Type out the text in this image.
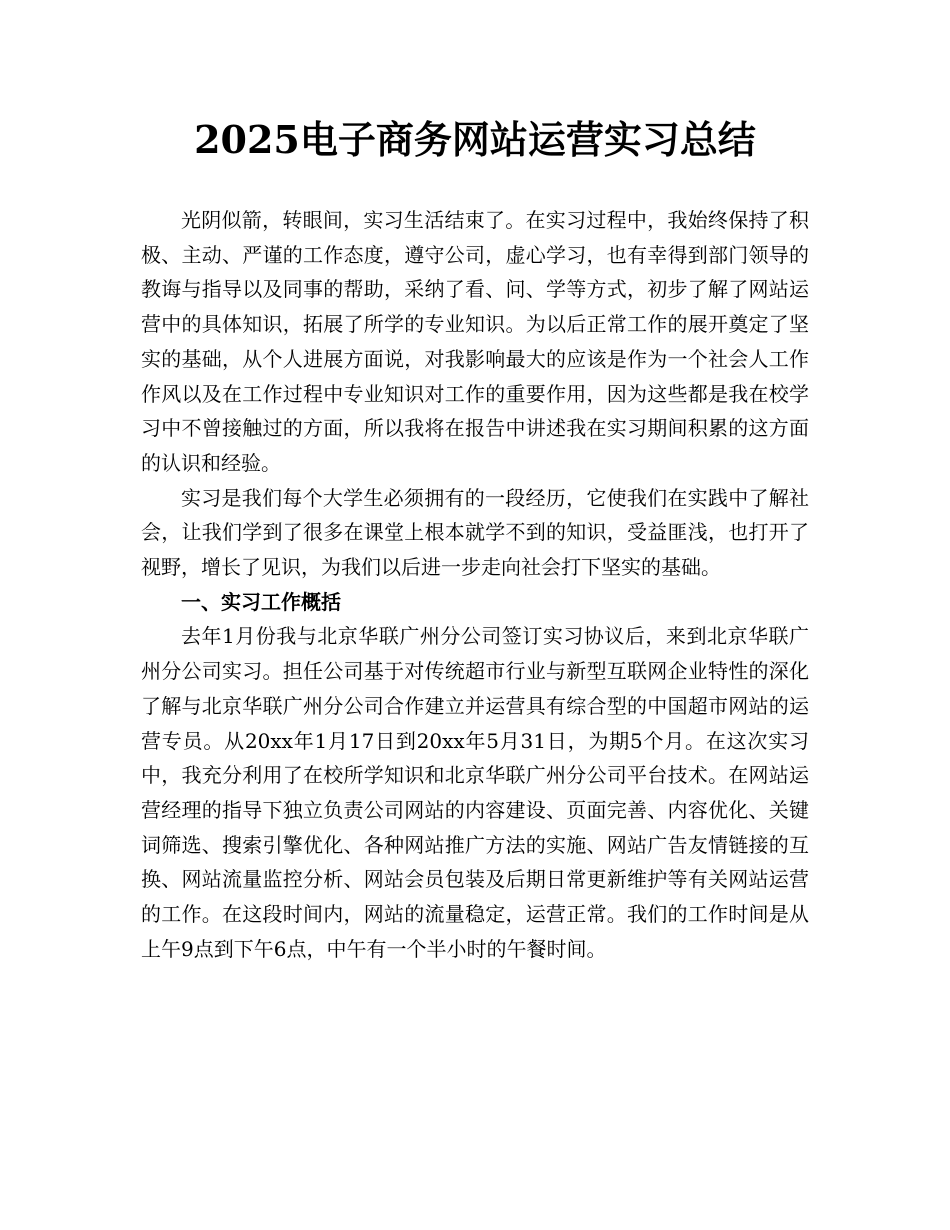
2025电子商务网站运营实习总结

光阴似箭，转眼间，实习生活结束了。在实习过程中，我始终保持了积极、主动、严谨的工作态度，遵守公司，虚心学习，也有幸得到部门领导的教诲与指导以及同事的帮助，采纳了看、问、学等方式，初步了解了网站运营中的具体知识，拓展了所学的专业知识。为以后正常工作的展开奠定了坚实的基础，从个人进展方面说，对我影响最大的应该是作为一个社会人工作作风以及在工作过程中专业知识对工作的重要作用，因为这些都是我在校学习中不曾接触过的方面，所以我将在报告中讲述我在实习期间积累的这方面的认识和经验。

实习是我们每个大学生必须拥有的一段经历，它使我们在实践中了解社会，让我们学到了很多在课堂上根本就学不到的知识，受益匪浅，也打开了视野，增长了见识，为我们以后进一步走向社会打下坚实的基础。

一、实习工作概括

去年1月份我与北京华联广州分公司签订实习协议后，来到北京华联广州分公司实习。担任公司基于对传统超市行业与新型互联网企业特性的深化了解与北京华联广州分公司合作建立并运营具有综合型的中国超市网站的运营专员。从20xx年1月17日到20xx年5月31日，为期5个月。在这次实习中，我充分利用了在校所学知识和北京华联广州分公司平台技术。在网站运营经理的指导下独立负责公司网站的内容建设、页面完善、内容优化、关键词筛选、搜索引擎优化、各种网站推广方法的实施、网站广告友情链接的互换、网站流量监控分析、网站会员包装及后期日常更新维护等有关网站运营的工作。在这段时间内，网站的流量稳定，运营正常。我们的工作时间是从上午9点到下午6点，中午有一个半小时的午餐时间。
